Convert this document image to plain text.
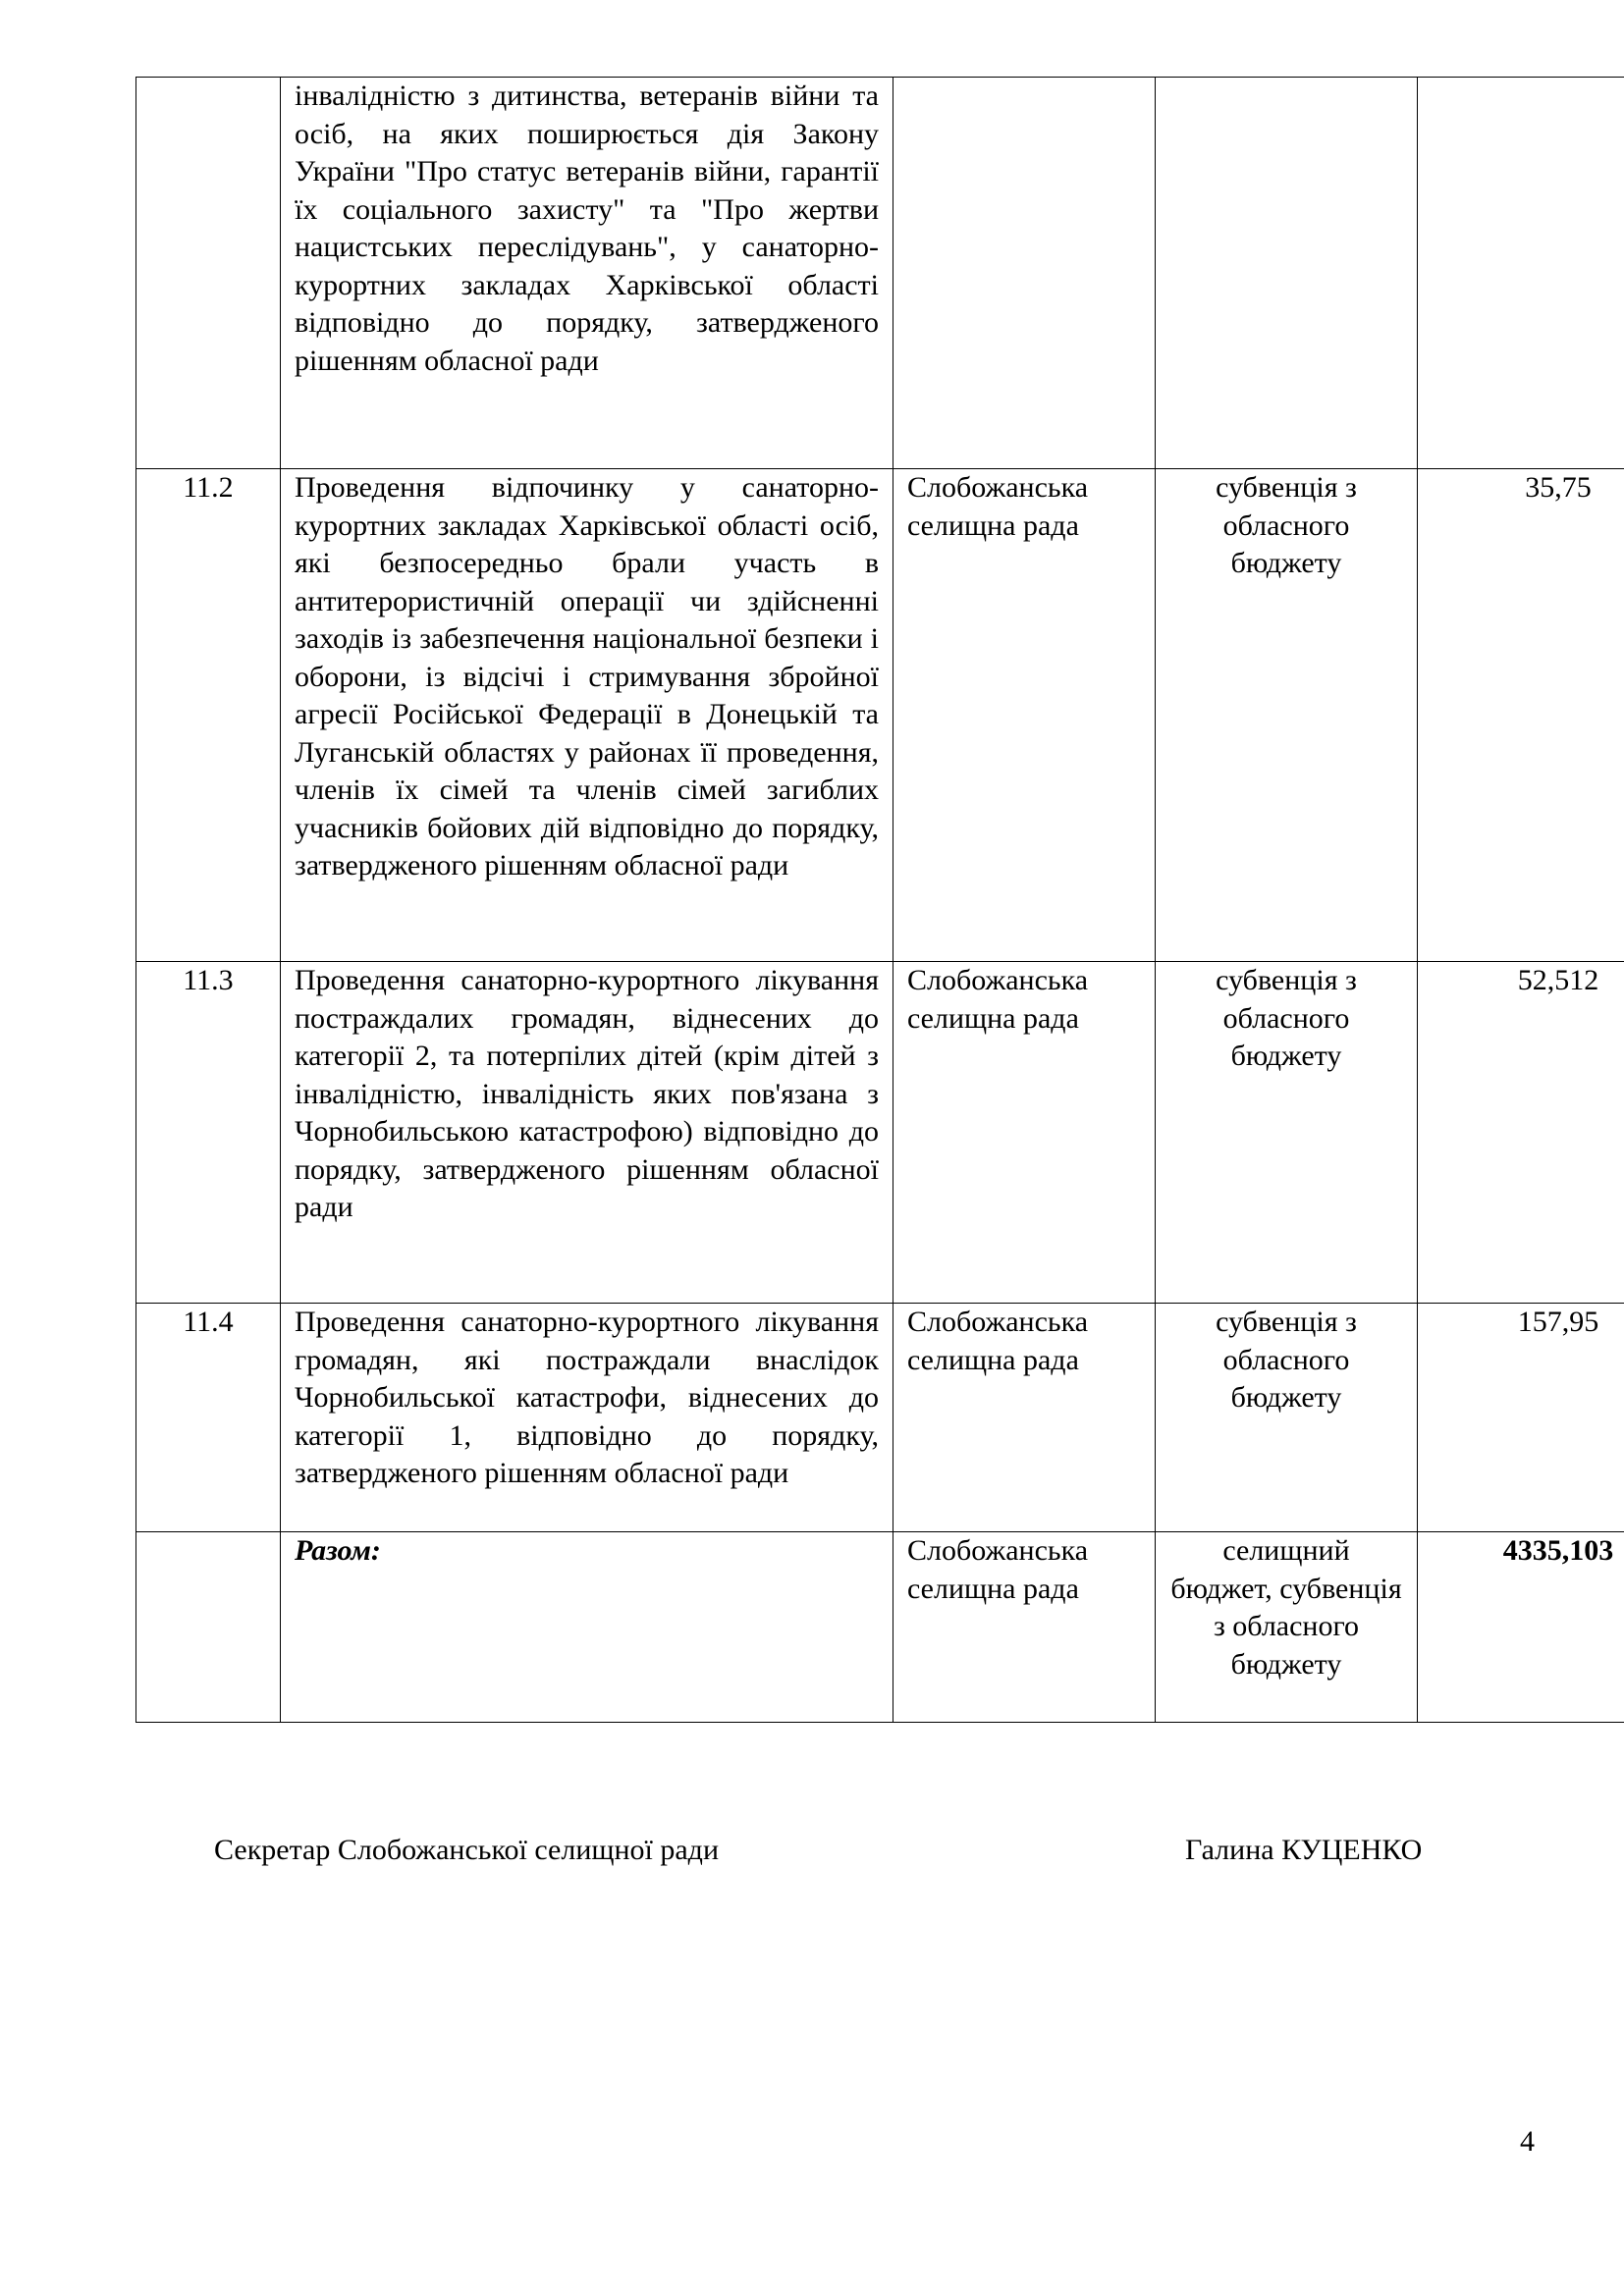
	інвалідністю з дитинства, ветеранів війни та осіб, на яких поширюється дія Закону України "Про статус ветеранів війни, гарантії їх соціального захисту" та "Про жертви нацистських переслідувань", у санаторно-курортних закладах Харківської області відповідно до порядку, затвердженого рішенням обласної ради			
11.2	Проведення відпочинку у санаторно-курортних закладах Харківської області осіб, які безпосередньо брали участь в антитерористичній операції чи здійсненні заходів із забезпечення національної безпеки і оборони, із відсічі і стримування збройної агресії Російської Федерації в Донецькій та Луганській областях у районах її проведення, членів їх сімей та членів сімей загиблих учасників бойових дій відповідно до порядку, затвердженого рішенням обласної ради	Слобожанська селищна рада	субвенція з обласного бюджету	35,75
11.3	Проведення санаторно-курортного лікування постраждалих громадян, віднесених до категорії 2, та потерпілих дітей (крім дітей з інвалідністю, інвалідність яких пов'язана з Чорнобильською катастрофою) відповідно до порядку, затвердженого рішенням обласної ради	Слобожанська селищна рада	субвенція з обласного бюджету	52,512
11.4	Проведення санаторно-курортного лікування громадян, які постраждали внаслідок Чорнобильської катастрофи, віднесених до категорії 1, відповідно до порядку, затвердженого рішенням обласної ради	Слобожанська селищна рада	субвенція з обласного бюджету	157,95
	Разом:	Слобожанська селищна рада	селищний бюджет, субвенція з обласного бюджету	4335,103
Секретар Слобожанської селищної ради	Галина КУЦЕНКО
4
